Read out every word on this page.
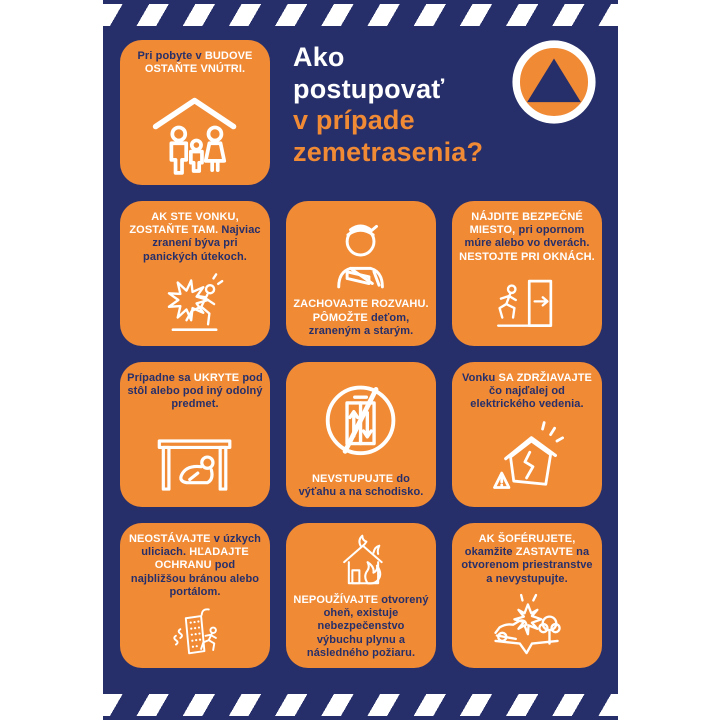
Pri pobyte v BUDOVE OSTAŇTE VNÚTRI.	Ako
postupovať
v prípade
zemetrasenia?
AK STE VONKU, ZOSTAŇTE TAM. Najviac zranení býva pri panických útekoch.
ZACHOVAJTE ROZVAHU. PÔMOŽTE deťom, zraneným a starým.
NÁJDITE BEZPEČNÉ MIESTO, pri opornom múre alebo vo dverách. NESTOJTE PRI OKNÁCH.
Prípadne sa UKRYTE pod stôl alebo pod iný odolný predmet.
NEVSTUPUJTE do výťahu a na schodisko.
Vonku SA ZDRŽIAVAJTE čo najďalej od elektrického vedenia.
NEOSTÁVAJTE v úzkych uliciach. HĽADAJTE OCHRANU pod najbližšou bránou alebo portálom.
NEPOUŽÍVAJTE otvorený oheň, existuje nebezpečenstvo výbuchu plynu a následného požiaru.
AK ŠOFÉRUJETE, okamžite ZASTAVTE na otvorenom priestranstve a nevystupujte.
